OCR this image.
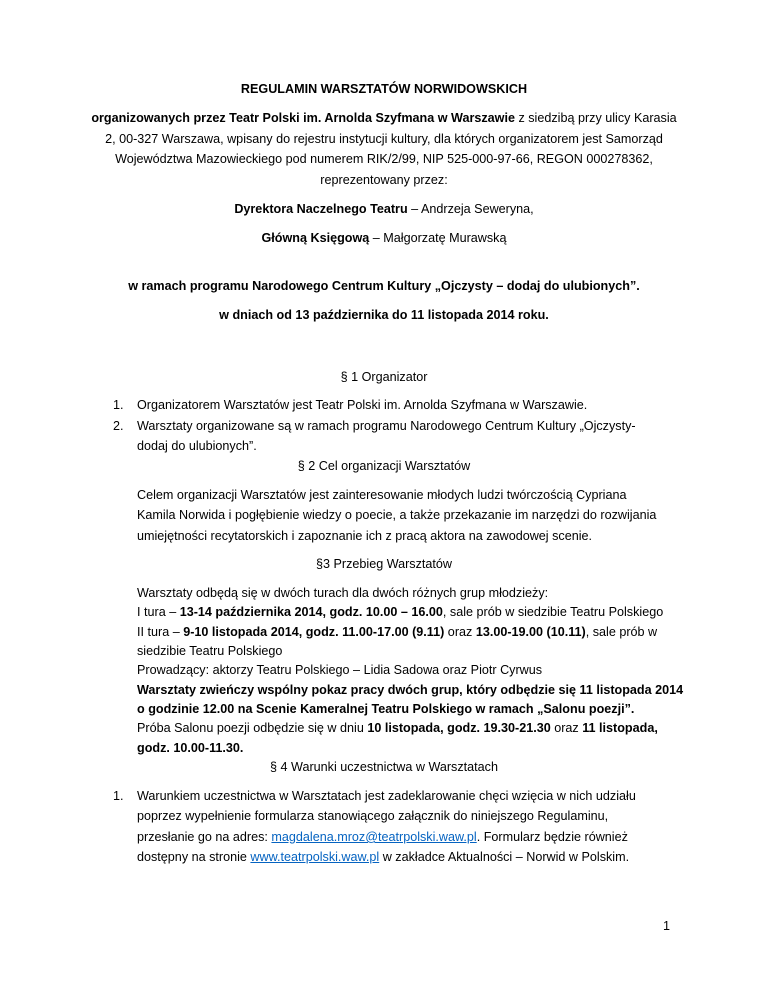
REGULAMIN WARSZTATÓW NORWIDOWSKICH
organizowanych przez Teatr Polski im. Arnolda Szyfmana w Warszawie z siedzibą przy ulicy Karasia
2, 00-327 Warszawa, wpisany do rejestru instytucji kultury, dla których organizatorem jest Samorząd
Województwa Mazowieckiego pod numerem RIK/2/99, NIP 525-000-97-66, REGON 000278362,
reprezentowany przez:
Dyrektora Naczelnego Teatru – Andrzeja Seweryna,
Główną Księgową – Małgorzatę Murawską
w ramach programu Narodowego Centrum Kultury „Ojczysty – dodaj do ulubionych”.
w dniach od 13 października do 11 listopada 2014 roku.
§ 1 Organizator
1. Organizatorem Warsztatów jest Teatr Polski im. Arnolda Szyfmana w Warszawie.
2. Warsztaty organizowane są w ramach programu Narodowego Centrum Kultury „Ojczysty-
dodaj do ulubionych”.
§ 2 Cel organizacji Warsztatów
Celem organizacji Warsztatów jest zainteresowanie młodych ludzi twórczością Cypriana
Kamila Norwida i pogłębienie wiedzy o poecie, a także przekazanie im narzędzi do rozwijania
umiejętności recytatorskich i zapoznanie ich z pracą aktora na zawodowej scenie.
§3 Przebieg Warsztatów
Warsztaty odbędą się w dwóch turach dla dwóch różnych grup młodzieży:
I tura – 13-14 października 2014, godz. 10.00 – 16.00, sale prób w siedzibie Teatru Polskiego
II tura – 9-10 listopada 2014, godz. 11.00-17.00 (9.11) oraz 13.00-19.00 (10.11), sale prób w
siedzibie Teatru Polskiego
Prowadzący: aktorzy Teatru Polskiego – Lidia Sadowa oraz Piotr Cyrwus
Warsztaty zwieńczy wspólny pokaz pracy dwóch grup, który odbędzie się 11 listopada 2014
o godzinie 12.00 na Scenie Kameralnej Teatru Polskiego w ramach „Salonu poezji”.
Próba Salonu poezji odbędzie się w dniu 10 listopada, godz. 19.30-21.30 oraz 11 listopada,
godz. 10.00-11.30.
§ 4 Warunki uczestnictwa w Warsztatach
1. Warunkiem uczestnictwa w Warsztatach jest zadeklarowanie chęci wzięcia w nich udziału
poprzez wypełnienie formularza stanowiącego załącznik do niniejszego Regulaminu,
przesłanie go na adres: magdalena.mroz@teatrpolski.waw.pl. Formularz będzie również
dostępny na stronie www.teatrpolski.waw.pl w zakładce Aktualności – Norwid w Polskim.
1
